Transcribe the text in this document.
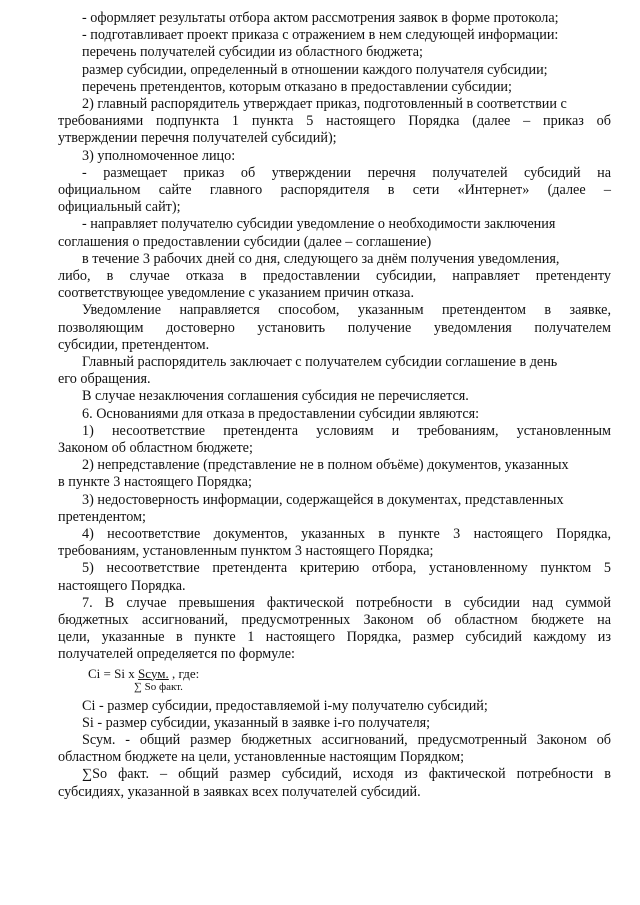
- оформляет результаты отбора актом рассмотрения заявок в форме протокола;
- подготавливает проект приказа с отражением в нем следующей информации:
перечень получателей субсидии из областного бюджета;
размер субсидии, определенный в отношении каждого получателя субсидии;
перечень претендентов, которым отказано в предоставлении субсидии;
2) главный распорядитель утверждает приказ, подготовленный в соответствии с
требованиями подпункта 1 пункта 5 настоящего Порядка (далее – приказ об
утверждении перечня получателей субсидий);
3) уполномоченное лицо:
- размещает приказ об утверждении перечня получателей субсидий на
официальном сайте главного распорядителя в сети «Интернет» (далее –
официальный сайт);
- направляет получателю субсидии уведомление о необходимости заключения
соглашения о предоставлении субсидии (далее – соглашение)
в течение 3 рабочих дней со дня, следующего за днём получения уведомления,
либо, в случае отказа в предоставлении субсидии, направляет претенденту
соответствующее уведомление с указанием причин отказа.
Уведомление направляется способом, указанным претендентом в заявке,
позволяющим достоверно установить получение уведомления получателем
субсидии, претендентом.
Главный распорядитель заключает с получателем субсидии соглашение в день
его обращения.
В случае незаключения соглашения субсидия не перечисляется.
6. Основаниями для отказа в предоставлении субсидии являются:
1) несоответствие претендента условиям и требованиям, установленным
Законом об областном бюджете;
2) непредставление (представление не в полном объёме) документов, указанных
в пункте 3 настоящего Порядка;
3) недостоверность информации, содержащейся в документах, представленных
претендентом;
4) несоответствие документов, указанных в пункте 3 настоящего Порядка,
требованиям, установленным пунктом 3 настоящего Порядка;
5) несоответствие претендента критерию отбора, установленному пунктом 5
настоящего Порядка.
7. В случае превышения фактической потребности в субсидии над суммой
бюджетных ассигнований, предусмотренных Законом об областном бюджете на
цели, указанные в пункте 1 настоящего Порядка, размер субсидий каждому из
получателей определяется по формуле:
Ci = Si x Scум. , где:
∑ So факт.
Ci - размер субсидии, предоставляемой i-му получателю субсидий;
Si - размер субсидии, указанный в заявке i-го получателя;
Sсум. - общий размер бюджетных ассигнований, предусмотренный Законом об
областном бюджете на цели, установленные настоящим Порядком;
∑So факт. – общий размер субсидий, исходя из фактической потребности в
субсидиях, указанной в заявках всех получателей субсидий.
